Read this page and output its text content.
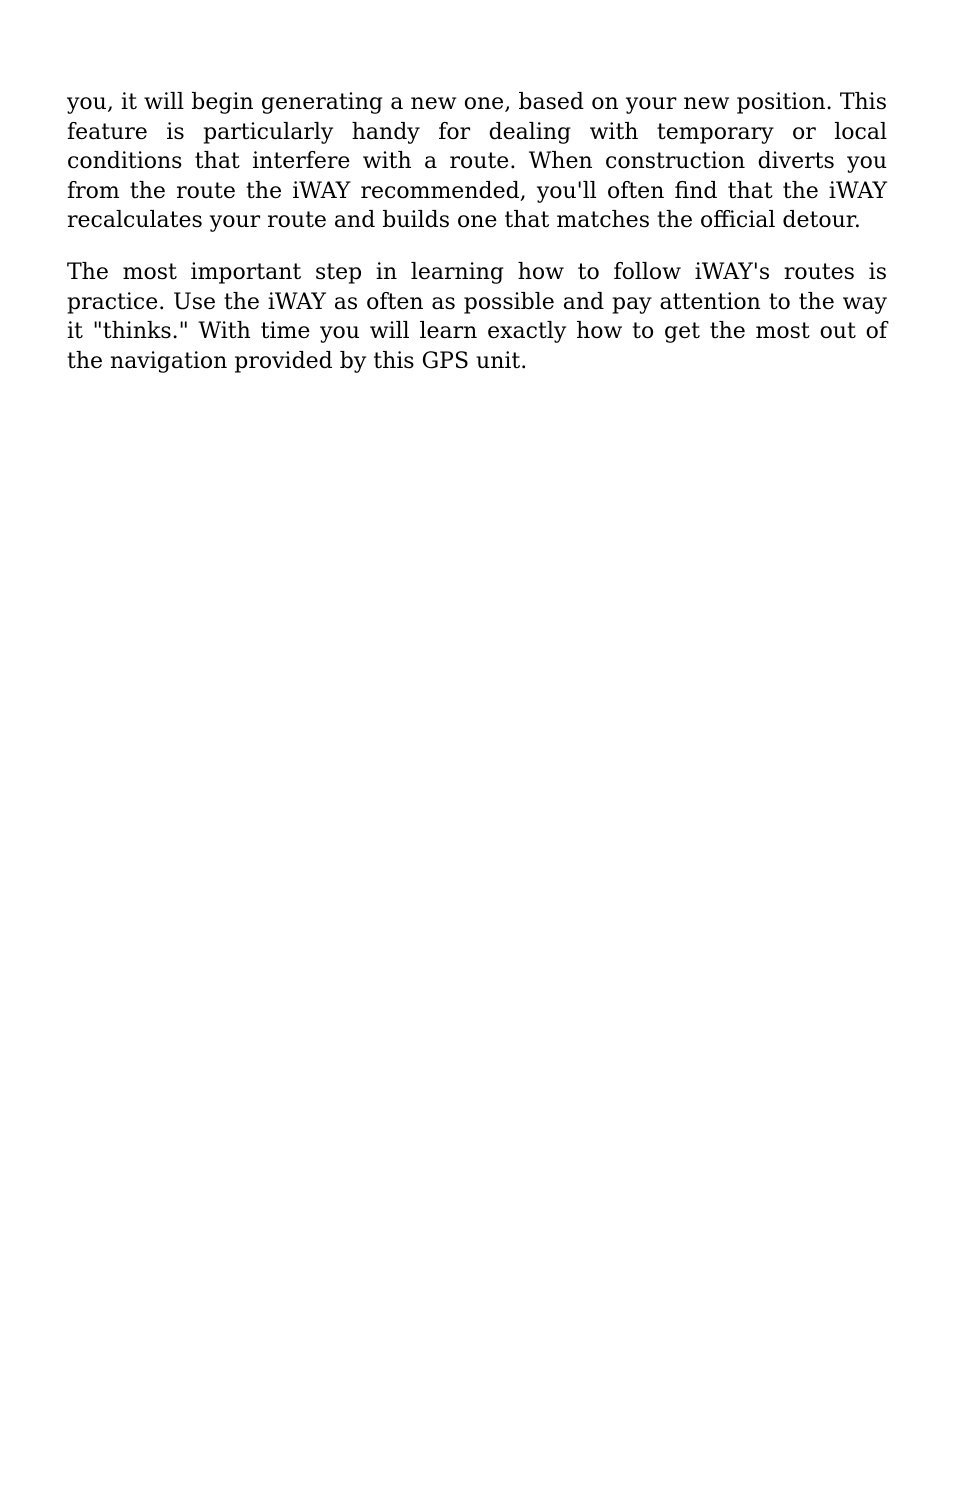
you, it will begin generating a new one, based on your new position. This feature is particularly handy for dealing with temporary or local conditions that interfere with a route. When construction diverts you from the route the iWAY recommended, you'll often find that the iWAY recalculates your route and builds one that matches the official detour.

The most important step in learning how to follow iWAY's routes is practice. Use the iWAY as often as possible and pay attention to the way it "thinks." With time you will learn exactly how to get the most out of the navigation provided by this GPS unit.
